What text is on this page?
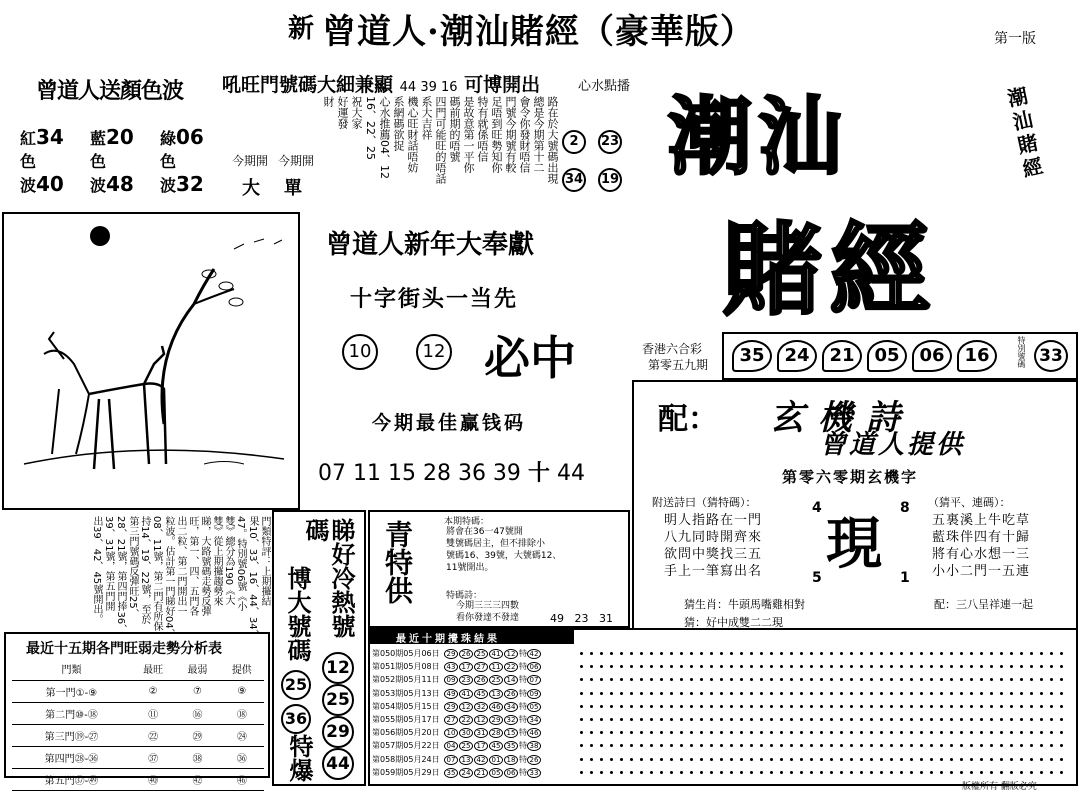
新 曾道人·潮汕賭經（豪華版）	第一版
曾道人送顏色波
紅34
色
波40
藍20
色
波48
綠06
色
波32
吼旺門號碼大細兼顯 44 39 16 可博開出	心水點播
路在於大號碼出現
總是今期第十二
會令你發財唔信
門號今期號有較
足唔到旺勢知你
特有就係唔信
是故意第一平你
碼前期的唔號
四門可能旺的唔話
系大吉祥
機心旺財話唔妨
系網碼欲捉
心水推薦04、12
16、22、25
祝大家
好運發
財
2	23
34 19
今期開 今期開
大 單
曾道人新年大奉獻
十字街头一当先
10	12 必中
今期最佳赢钱码
07 11 15 28 36 39 十 44
潮汕
賭經
潮汕賭經
香港六合彩
第零五九期	35	24	21	05	06	16	特別號碼 33
配： 玄機詩
曾道人提供
第零六零期玄機字
附送詩曰（猜特碼）：	（猜平、連碼）：
明人指路在一門
八九同時開齊來
欲問中獎找三五
手上一筆寫出名
五裏溪上牛吃草
藍珠伴四有十歸
將有心水想一三
小小二門一五連
現
4	8
5	1
猜生肖：牛頭馬嘴雞相對
猜：好中成雙二二現
配：三八呈祥連一起
門類特評：上期攞結
果10、33、16、44、34、
47。特別號06號《小
雙》總分為190《大
雙》從上期攞趨勢來
睇，大路號碼走勢反彈
旺，第一、四、五門各
出二粒、第二門開出一
粒波。估計第一門睇好04、
08、11號，第二門有所保
持14、19、22號，至於
第三門號碼反彈旺25、
28、21號，第四門捧36、
39、31號，第五門開
出39、42、45號開出。
最近十五期各門旺弱走勢分析表
門類	最旺	最弱	提供
第一門①-⑨	②	⑦	⑨
第二門⑩-⑱	⑪	⑯	⑱
第三門⑲-㉗	㉒	㉙	㉔
第四門㉘-㊱	㊲	㊳	㊱
第五門㊲-㊾	㊵	㊷	㊻
睇好冷熱號碼
博大號碼
25
36
特爆
12
25
29
44
青特供	本期特碼：
將會在36一47號開
雙號碼居主，但不排除小
號碼16、39號，大號碼12、
11號開出。
特碼詩：
今期三三三四數
看你發達不發達	49 23 31
最近十期攪珠結果
第050期05月06日 29 26 25 41 12 特 42
第051期05月08日 43 17 27 11 22 特 06
第052期05月11日 09 23 26 25 14 特 07
第053期05月13日 49 41 45 13 26 特 09
第054期05月15日 29 12 32 46 34 特 05
第055期05月17日 27 22 12 29 32 特 34
第056期05月20日 10 30 31 28 15 特 46
第057期05月22日 04 25 17 45 35 特 38
第058期05月24日 07 13 42 01 18 特 26
第059期05月29日 35 24 21 05 06 特 33
版權所有 翻版必究
